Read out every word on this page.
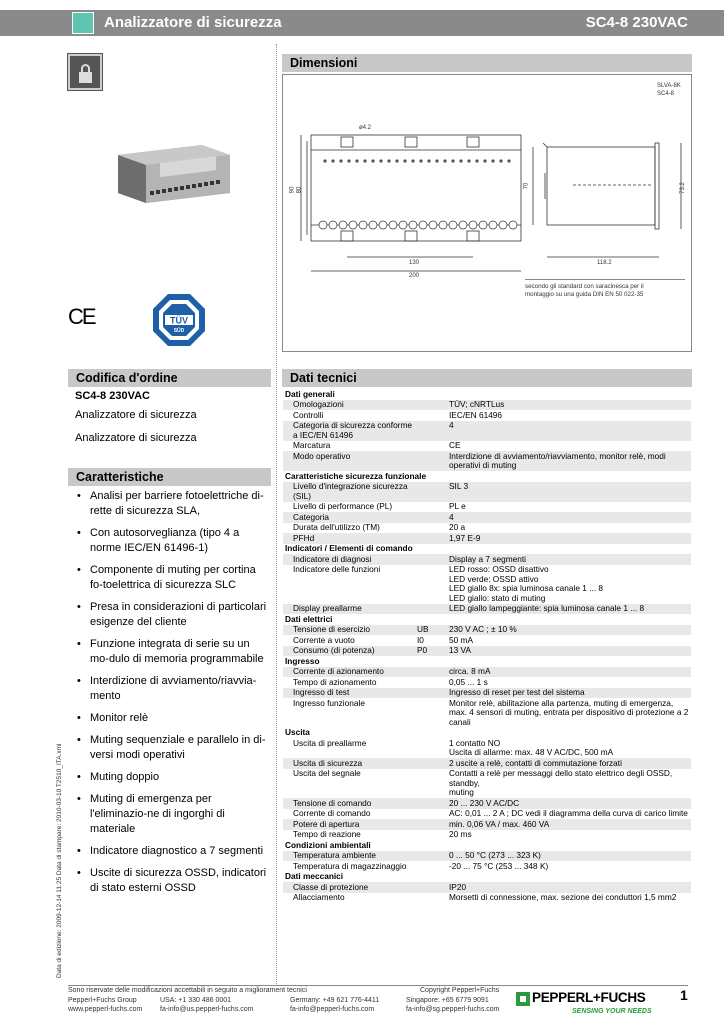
Analizzatore di sicurezza	SC4-8 230VAC
CE	TÜV
SÜD
Codifica d'ordine
SC4-8 230VAC
Analizzatore di sicurezza
Analizzatore di sicurezza
Caratteristiche
• Analisi per barriere fotoelettriche di-rette di sicurezza SLA,
• Con autosorveglianza (tipo 4 a norme IEC/EN 61496-1)
• Componente di muting per cortina fo-toelettrica di sicurezza SLC
• Presa in considerazioni di particolari esigenze del cliente
• Funzione integrata di serie su un mo-dulo di memoria programmabile
• Interdizione di avviamento/riavvia-mento
• Monitor relè
• Muting sequenziale e parallelo in di-versi modi operativi
• Muting doppio
• Muting di emergenza per l'eliminazio-ne di ingorghi di materiale
• Indicatore diagnostico a 7 segmenti
• Uscite di sicurezza OSSD, indicatori di stato esterni OSSD
Dimensioni
SLVA-8K
SC4-8
ø4.2
90 80
130
200
70
118.2
73.2
secondo gli standard con saracinesca per il
montaggio su una guida DIN EN 50 022-35
Dati tecnici
Dati generali		
Omologazioni		TÜV; cNRTLus
Controlli		IEC/EN 61496
Categoria di sicurezza conforme a IEC/EN 61496		4
Marcatura		CE
Modo operativo		Interdizione di avviamento/riavviamento, monitor relè, modi operativi di muting
Caratteristiche sicurezza funzionale		
Livello d'integrazione sicurezza (SIL)		SIL 3
Livello di performance (PL)		PL e
Categoria		4
Durata dell'utilizzo (TM)		20 a
PFHd		1,97 E-9
Indicatori / Elementi di comando		
Indicatore di diagnosi		Display a 7 segmenti
Indicatore delle funzioni		LED rosso: OSSD disattivo
LED verde: OSSD attivo
LED giallo 8x: spia luminosa canale 1 ... 8
LED giallo: stato di muting
Display preallarme		LED giallo lampeggiante: spia luminosa canale 1 ... 8
Dati elettrici		
Tensione di esercizio	UB	230 V AC ; ± 10 %
Corrente a vuoto	I0	50 mA
Consumo (di potenza)	P0	13 VA
Ingresso		
Corrente di azionamento		circa. 8 mA
Tempo di azionamento		0,05 ... 1 s
Ingresso di test		Ingresso di reset per test del sistema
Ingresso funzionale		Monitor relè, abilitazione alla partenza, muting di emergenza, max. 4 sensori di muting, entrata per dispositivo di protezione a 2 canali
Uscita		
Uscita di preallarme		1 contatto NO
Uscita di allarme: max. 48 V AC/DC, 500 mA
Uscita di sicurezza		2 uscite a relè, contatti di commutazione forzati
Uscita del segnale		Contatti a relè per messaggi dello stato elettrico degli OSSD, standby,
muting
Tensione di comando		20 ... 230 V AC/DC
Corrente di comando		AC: 0,01 ... 2 A ; DC vedi il diagramma della curva di carico limite
Potere di apertura		min. 0,06 VA / max. 460 VA
Tempo di reazione		20 ms
Condizioni ambientali		
Temperatura ambiente		0 ... 50 °C (273 ... 323 K)
Temperatura di magazzinaggio		-20 ... 75 °C (253 ... 348 K)
Dati meccanici		
Classe di protezione		IP20
Allacciamento		Morsetti di connessione, max. sezione dei conduttori 1,5 mm2
Data di edizione: 2009-12-14 11:25 Data di stampare: 2010-03-10 T2510_ITA.xml
Sono riservate delle modificazioni accettabili in seguito a migliorament tecnici	Copyright Pepperl+Fuchs
Pepperl+Fuchs Group
www.pepperl-fuchs.com
USA: +1 330 486 0001
fa-info@us.pepperl-fuchs.com
Germany: +49 621 776-4411
fa-info@pepperl-fuchs.com
Singapore: +65 6779 9091
fa-info@sg.pepperl-fuchs.com
PEPPERL+FUCHS
SENSING YOUR NEEDS
1
